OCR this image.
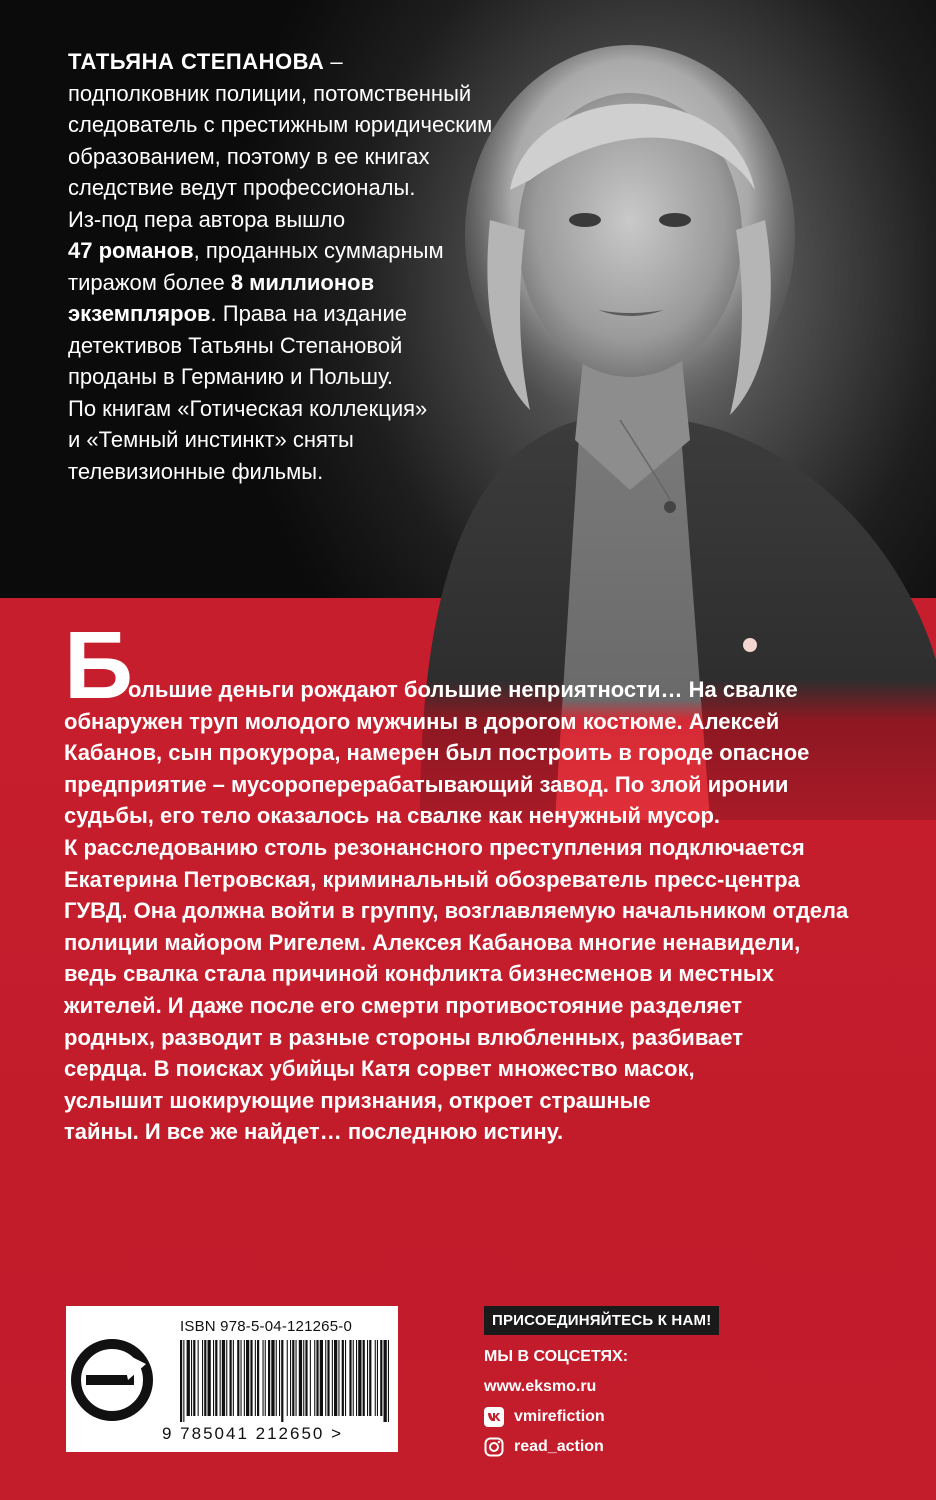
ТАТЬЯНА СТЕПАНОВА –
подполковник полиции, потомственный
следователь с престижным юридическим
образованием, поэтому в ее книгах
следствие ведут профессионалы.
Из-под пера автора вышло
47 романов, проданных суммарным
тиражом более 8 миллионов
экземпляров. Права на издание
детективов Татьяны Степановой
проданы в Германию и Польшу.
По книгам «Готическая коллекция»
и «Темный инстинкт» сняты
телевизионные фильмы.
Б
ольшие деньги рождают большие неприятности… На свалке
обнаружен труп молодого мужчины в дорогом костюме. Алексей
Кабанов, сын прокурора, намерен был построить в городе опасное
предприятие – мусороперерабатывающий завод. По злой иронии
судьбы, его тело оказалось на свалке как ненужный мусор.
К расследованию столь резонансного преступления подключается
Екатерина Петровская, криминальный обозреватель пресс-центра
ГУВД. Она должна войти в группу, возглавляемую начальником отдела
полиции майором Ригелем. Алексея Кабанова многие ненавидели,
ведь свалка стала причиной конфликта бизнесменов и местных
жителей. И даже после его смерти противостояние разделяет
родных, разводит в разные стороны влюбленных, разбивает
сердца. В поисках убийцы Катя сорвет множество масок,
услышит шокирующие признания, откроет страшные
тайны. И все же найдет… последнюю истину.
ISBN 978-5-04-121265-0
9 785041 212650 >
ПРИСОЕДИНЯЙТЕСЬ К НАМ!
МЫ В СОЦСЕТЯХ:
www.eksmo.ru
vmirefiction
read_action
